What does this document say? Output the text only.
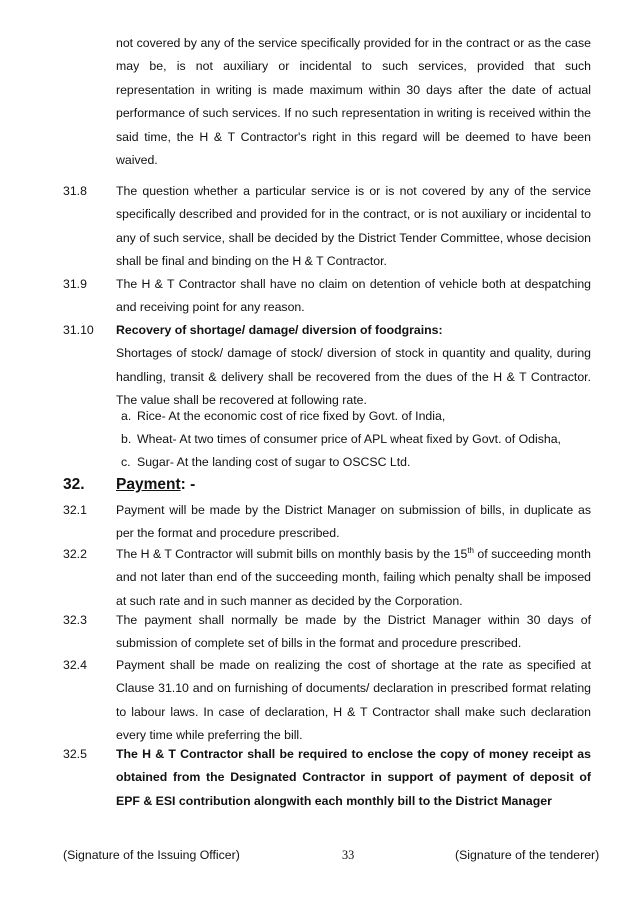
not covered by any of the service specifically provided for in the contract or as the case may be, is not auxiliary or incidental to such services, provided that such representation in writing is made maximum within 30 days after the date of actual performance of such services. If no such representation in writing is received within the said time, the H & T Contractor's right in this regard will be deemed to have been waived.
31.8	The question whether a particular service is or is not covered by any of the service specifically described and provided for in the contract, or is not auxiliary or incidental to any of such service, shall be decided by the District Tender Committee, whose decision shall be final and binding on the H & T Contractor.
31.9	The H & T Contractor shall have no claim on detention of vehicle both at despatching and receiving point for any reason.
31.10	Recovery of shortage/ damage/ diversion of foodgrains:
Shortages of stock/ damage of stock/ diversion of stock in quantity and quality, during handling, transit & delivery shall be recovered from the dues of the H & T Contractor. The value shall be recovered at following rate.
a. Rice- At the economic cost of rice fixed by Govt. of India,
b. Wheat- At two times of consumer price of APL wheat fixed by Govt. of Odisha,
c. Sugar- At the landing cost of sugar to OSCSC Ltd.
32. Payment: -
32.1	Payment will be made by the District Manager on submission of bills, in duplicate as per the format and procedure prescribed.
32.2	The H & T Contractor will submit bills on monthly basis by the 15th of succeeding month and not later than end of the succeeding month, failing which penalty shall be imposed at such rate and in such manner as decided by the Corporation.
32.3	The payment shall normally be made by the District Manager within 30 days of submission of complete set of bills in the format and procedure prescribed.
32.4	Payment shall be made on realizing the cost of shortage at the rate as specified at Clause 31.10 and on furnishing of documents/ declaration in prescribed format relating to labour laws. In case of declaration, H & T Contractor shall make such declaration every time while preferring the bill.
32.5	The H & T Contractor shall be required to enclose the copy of money receipt as obtained from the Designated Contractor in support of payment of deposit of EPF & ESI contribution alongwith each monthly bill to the District Manager
(Signature of the Issuing Officer)	33	(Signature of the tenderer)
